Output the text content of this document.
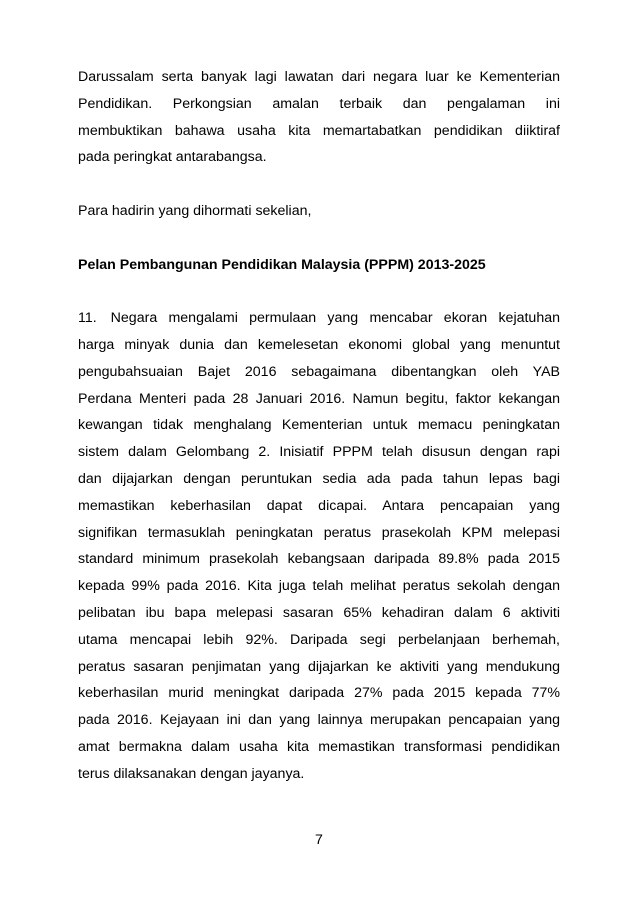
Darussalam serta banyak lagi lawatan dari negara luar ke Kementerian
Pendidikan. Perkongsian amalan terbaik dan pengalaman ini
membuktikan bahawa usaha kita memartabatkan pendidikan diiktiraf
pada peringkat antarabangsa.
Para hadirin yang dihormati sekelian,
Pelan Pembangunan Pendidikan Malaysia (PPPM) 2013-2025
11. Negara mengalami permulaan yang mencabar ekoran kejatuhan
harga minyak dunia dan kemelesetan ekonomi global yang menuntut
pengubahsuaian Bajet 2016 sebagaimana dibentangkan oleh YAB
Perdana Menteri pada 28 Januari 2016. Namun begitu, faktor kekangan
kewangan tidak menghalang Kementerian untuk memacu peningkatan
sistem dalam Gelombang 2. Inisiatif PPPM telah disusun dengan rapi
dan dijajarkan dengan peruntukan sedia ada pada tahun lepas bagi
memastikan keberhasilan dapat dicapai. Antara pencapaian yang
signifikan termasuklah peningkatan peratus prasekolah KPM melepasi
standard minimum prasekolah kebangsaan daripada 89.8% pada 2015
kepada 99% pada 2016. Kita juga telah melihat peratus sekolah dengan
pelibatan ibu bapa melepasi sasaran 65% kehadiran dalam 6 aktiviti
utama mencapai lebih 92%. Daripada segi perbelanjaan berhemah,
peratus sasaran penjimatan yang dijajarkan ke aktiviti yang mendukung
keberhasilan murid meningkat daripada 27% pada 2015 kepada 77%
pada 2016. Kejayaan ini dan yang lainnya merupakan pencapaian yang
amat bermakna dalam usaha kita memastikan transformasi pendidikan
terus dilaksanakan dengan jayanya.
7
